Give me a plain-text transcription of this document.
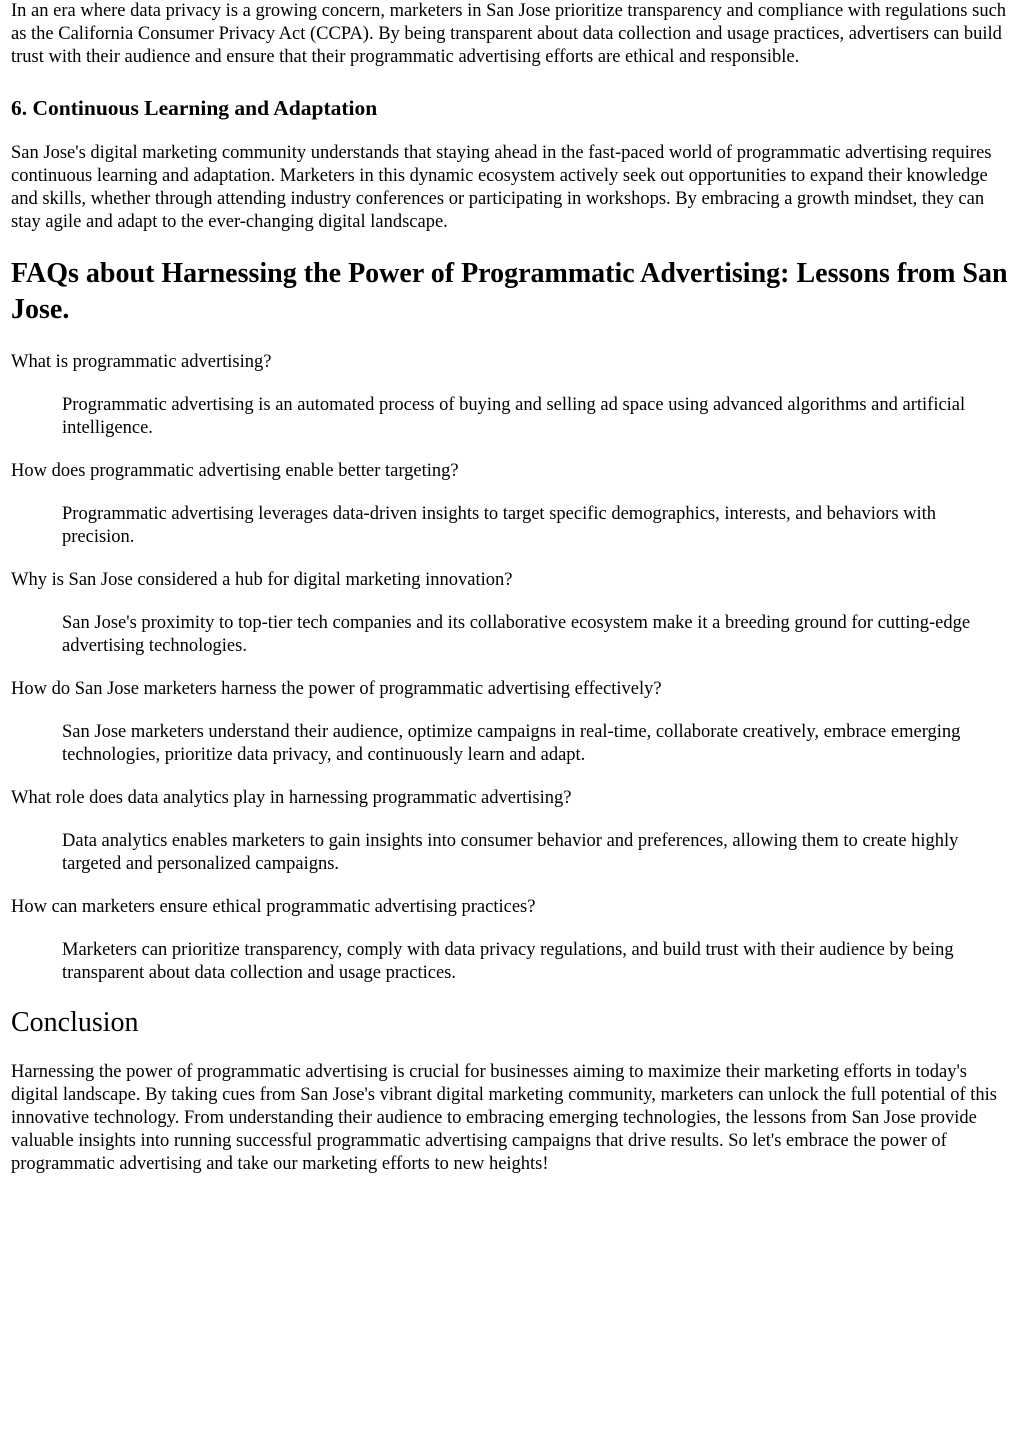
In an era where data privacy is a growing concern, marketers in San Jose prioritize transparency and compliance with regulations such as the California Consumer Privacy Act (CCPA). By being transparent about data collection and usage practices, advertisers can build trust with their audience and ensure that their programmatic advertising efforts are ethical and responsible.

6. Continuous Learning and Adaptation

San Jose's digital marketing community understands that staying ahead in the fast-paced world of programmatic advertising requires continuous learning and adaptation. Marketers in this dynamic ecosystem actively seek out opportunities to expand their knowledge and skills, whether through attending industry conferences or participating in workshops. By embracing a growth mindset, they can stay agile and adapt to the ever-changing digital landscape.

FAQs about Harnessing the Power of Programmatic Advertising: Lessons from San Jose.
What is programmatic advertising?
Programmatic advertising is an automated process of buying and selling ad space using advanced algorithms and artificial intelligence.
How does programmatic advertising enable better targeting?
Programmatic advertising leverages data-driven insights to target specific demographics, interests, and behaviors with precision.
Why is San Jose considered a hub for digital marketing innovation?
San Jose's proximity to top-tier tech companies and its collaborative ecosystem make it a breeding ground for cutting-edge advertising technologies.
How do San Jose marketers harness the power of programmatic advertising effectively?
San Jose marketers understand their audience, optimize campaigns in real-time, collaborate creatively, embrace emerging technologies, prioritize data privacy, and continuously learn and adapt.
What role does data analytics play in harnessing programmatic advertising?
Data analytics enables marketers to gain insights into consumer behavior and preferences, allowing them to create highly targeted and personalized campaigns.
How can marketers ensure ethical programmatic advertising practices?
Marketers can prioritize transparency, comply with data privacy regulations, and build trust with their audience by being transparent about data collection and usage practices.
Conclusion

Harnessing the power of programmatic advertising is crucial for businesses aiming to maximize their marketing efforts in today's digital landscape. By taking cues from San Jose's vibrant digital marketing community, marketers can unlock the full potential of this innovative technology. From understanding their audience to embracing emerging technologies, the lessons from San Jose provide valuable insights into running successful programmatic advertising campaigns that drive results. So let's embrace the power of programmatic advertising and take our marketing efforts to new heights!
